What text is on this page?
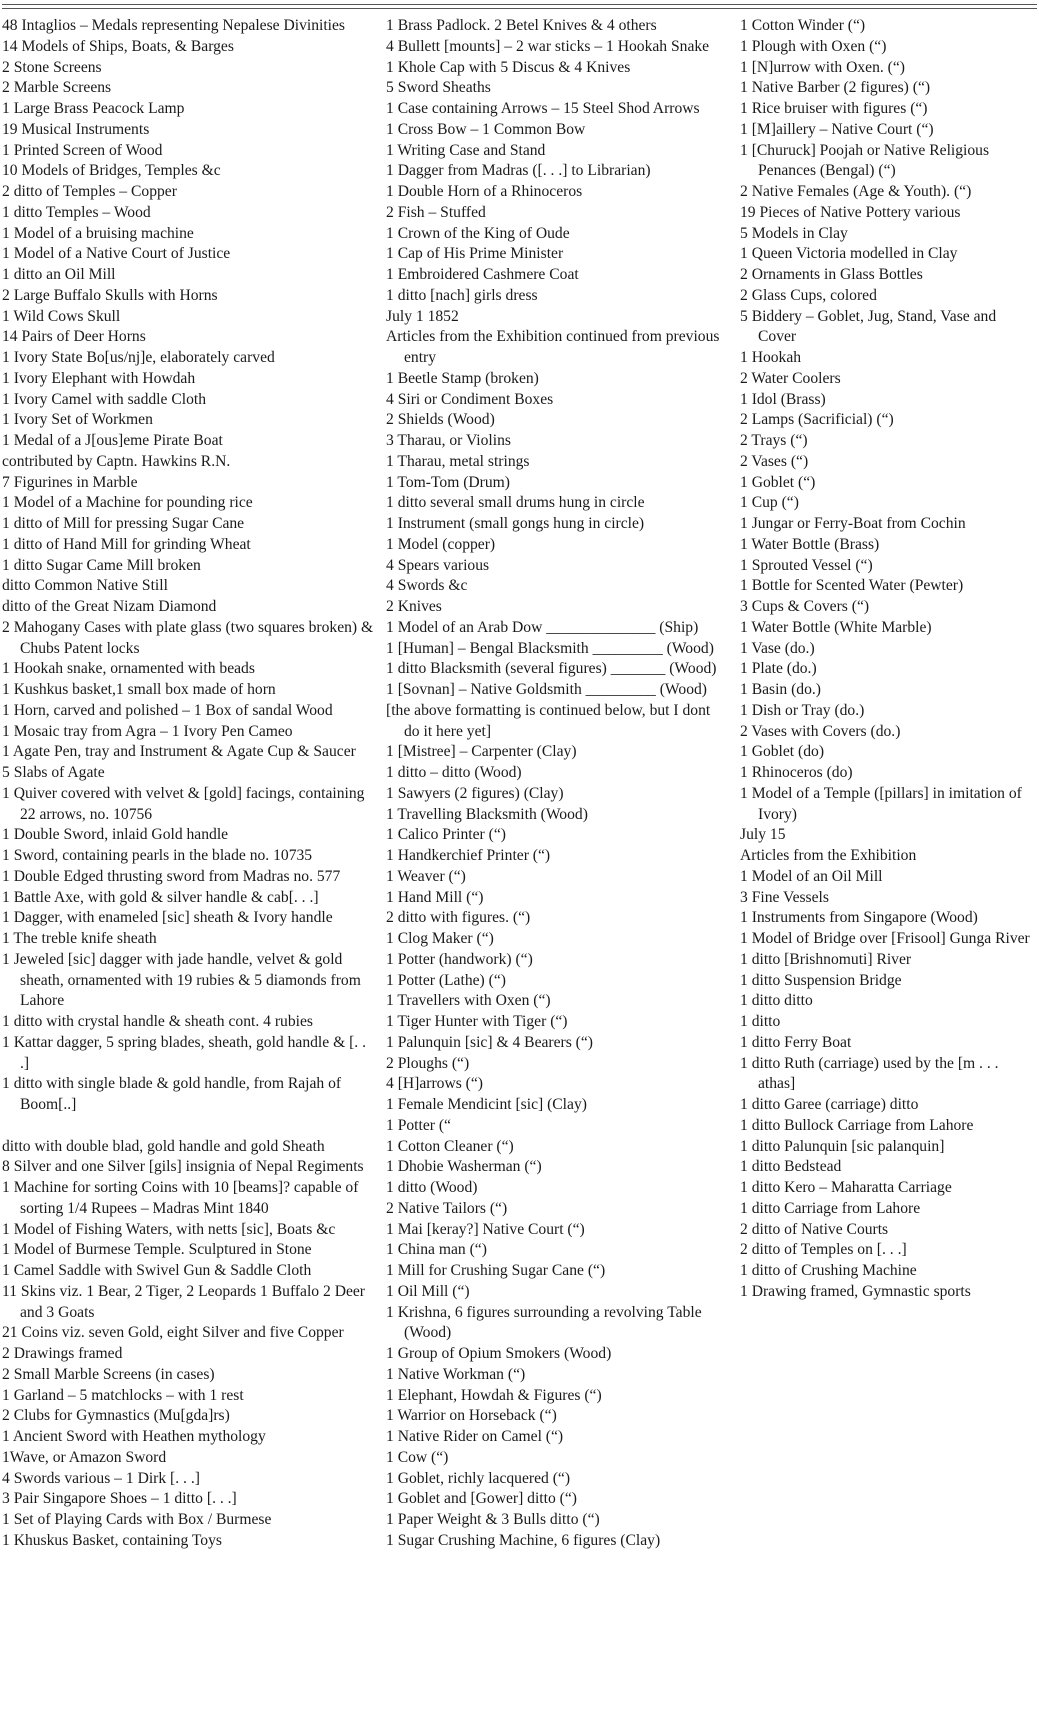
48 Intaglios – Medals representing Nepalese Divinities

14 Models of Ships, Boats, & Barges

2 Stone Screens

2 Marble Screens

1 Large Brass Peacock Lamp

19 Musical Instruments

1 Printed Screen of Wood

10 Models of Bridges, Temples &c

2 ditto of Temples – Copper

1 ditto Temples – Wood

1 Model of a bruising machine

1 Model of a Native Court of Justice

1 ditto an Oil Mill

2 Large Buffalo Skulls with Horns

1 Wild Cows Skull

14 Pairs of Deer Horns

1 Ivory State Bo[us/nj]e, elaborately carved

1 Ivory Elephant with Howdah

1 Ivory Camel with saddle Cloth

1 Ivory Set of Workmen

1 Medal of a J[ous]eme Pirate Boat

contributed by Captn. Hawkins R.N.

7 Figurines in Marble

1 Model of a Machine for pounding rice

1 ditto of Mill for pressing Sugar Cane

1 ditto of Hand Mill for grinding Wheat

1 ditto Sugar Came Mill broken

ditto Common Native Still

ditto of the Great Nizam Diamond

2 Mahogany Cases with plate glass (two squares broken) & Chubs Patent locks

1 Hookah snake, ornamented with beads

1 Kushkus basket,1 small box made of horn

1 Horn, carved and polished – 1 Box of sandal Wood

1 Mosaic tray from Agra – 1 Ivory Pen Cameo

1 Agate Pen, tray and Instrument & Agate Cup & Saucer

5 Slabs of Agate

1 Quiver covered with velvet & [gold] facings, containing 22 arrows, no. 10756

1 Double Sword, inlaid Gold handle

1 Sword, containing pearls in the blade no. 10735

1 Double Edged thrusting sword from Madras no. 577

1 Battle Axe, with gold & silver handle & cab[. . .]

1 Dagger, with enameled [sic] sheath & Ivory handle

1 The treble knife sheath

1 Jeweled [sic] dagger with jade handle, velvet & gold sheath, ornamented with 19 rubies & 5 diamonds from Lahore

1 ditto with crystal handle & sheath cont. 4 rubies

1 Kattar dagger, 5 spring blades, sheath, gold handle & [. . .]

1 ditto with single blade & gold handle, from Rajah of Boom[..]

ditto with double blad, gold handle and gold Sheath

8 Silver and one Silver [gils] insignia of Nepal Regiments

1 Machine for sorting Coins with 10 [beams]? capable of sorting 1/4 Rupees – Madras Mint 1840

1 Model of Fishing Waters, with netts [sic], Boats &c

1 Model of Burmese Temple. Sculptured in Stone

1 Camel Saddle with Swivel Gun & Saddle Cloth

11 Skins viz. 1 Bear, 2 Tiger, 2 Leopards 1 Buffalo 2 Deer and 3 Goats

21 Coins viz. seven Gold, eight Silver and five Copper

2 Drawings framed

2 Small Marble Screens (in cases)

1 Garland – 5 matchlocks – with 1 rest

2 Clubs for Gymnastics (Mu[gda]rs)

1 Ancient Sword with Heathen mythology

1Wave, or Amazon Sword

4 Swords various – 1 Dirk [. . .]

3 Pair Singapore Shoes – 1 ditto [. . .]

1 Set of Playing Cards with Box / Burmese

1 Khuskus Basket, containing Toys

1 Brass Padlock. 2 Betel Knives & 4 others

4 Bullett [mounts] – 2 war sticks – 1 Hookah Snake

1 Khole Cap with 5 Discus & 4 Knives

5 Sword Sheaths

1 Case containing Arrows – 15 Steel Shod Arrows

1 Cross Bow – 1 Common Bow

1 Writing Case and Stand

1 Dagger from Madras ([. . .] to Librarian)

1 Double Horn of a Rhinoceros

2 Fish – Stuffed

1 Crown of the King of Oude

1 Cap of His Prime Minister

1 Embroidered Cashmere Coat

1 ditto [nach] girls dress

July 1 1852

Articles from the Exhibition continued from previous entry

1 Beetle Stamp (broken)

4 Siri or Condiment Boxes

2 Shields (Wood)

3 Tharau, or Violins

1 Tharau, metal strings

1 Tom-Tom (Drum)

1 ditto several small drums hung in circle

1 Instrument (small gongs hung in circle)

1 Model (copper)

4 Spears various

4 Swords &c

2 Knives

1 Model of an Arab Dow ______________ (Ship)

1 [Human] – Bengal Blacksmith _________ (Wood)

1 ditto Blacksmith (several figures) _______ (Wood)

1 [Sovnan] – Native Goldsmith _________ (Wood)

[the above formatting is continued below, but I dont do it here yet]

1 [Mistree] – Carpenter (Clay)

1 ditto – ditto (Wood)

1 Sawyers (2 figures) (Clay)

1 Travelling Blacksmith (Wood)

1 Calico Printer (“)

1 Handkerchief Printer (“)

1 Weaver (“)

1 Hand Mill (“)

2 ditto with figures. (“)

1 Clog Maker (“)

1 Potter (handwork) (“)

1 Potter (Lathe) (“)

1 Travellers with Oxen (“)

1 Tiger Hunter with Tiger (“)

1 Palunquin [sic] & 4 Bearers (“)

2 Ploughs (“)

4 [H]arrows (“)

1 Female Mendicint [sic] (Clay)

1 Potter (“

1 Cotton Cleaner (“)

1 Dhobie Washerman (“)

1 ditto (Wood)

2 Native Tailors (“)

1 Mai [keray?] Native Court (“)

1 China man (“)

1 Mill for Crushing Sugar Cane (“)

1 Oil Mill (“)

1 Krishna, 6 figures surrounding a revolving Table (Wood)

1 Group of Opium Smokers (Wood)

1 Native Workman (“)

1 Elephant, Howdah & Figures (“)

1 Warrior on Horseback (“)

1 Native Rider on Camel (“)

1 Cow (“)

1 Goblet, richly lacquered (“)

1 Goblet and [Gower] ditto (“)

1 Paper Weight & 3 Bulls ditto (“)

1 Sugar Crushing Machine, 6 figures (Clay)

1 Cotton Winder (“)

1 Plough with Oxen (“)

1 [N]urrow with Oxen. (“)

1 Native Barber (2 figures) (“)

1 Rice bruiser with figures (“)

1 [M]aillery – Native Court (“)

1 [Churuck] Poojah or Native Religious Penances (Bengal) (“)

2 Native Females (Age & Youth). (“)

19 Pieces of Native Pottery various

5 Models in Clay

1 Queen Victoria modelled in Clay

2 Ornaments in Glass Bottles

2 Glass Cups, colored

5 Biddery – Goblet, Jug, Stand, Vase and Cover

1 Hookah

2 Water Coolers

1 Idol (Brass)

2 Lamps (Sacrificial) (“)

2 Trays (“)

2 Vases (“)

1 Goblet (“)

1 Cup (“)

1 Jungar or Ferry-Boat from Cochin

1 Water Bottle (Brass)

1 Sprouted Vessel (“)

1 Bottle for Scented Water (Pewter)

3 Cups & Covers (“)

1 Water Bottle (White Marble)

1 Vase (do.)

1 Plate (do.)

1 Basin (do.)

1 Dish or Tray (do.)

2 Vases with Covers (do.)

1 Goblet (do)

1 Rhinoceros (do)

1 Model of a Temple ([pillars] in imitation of Ivory)

July 15

Articles from the Exhibition

1 Model of an Oil Mill

3 Fine Vessels

1 Instruments from Singapore (Wood)

1 Model of Bridge over [Frisool] Gunga River

1 ditto [Brishnomuti] River

1 ditto Suspension Bridge

1 ditto ditto

1 ditto

1 ditto Ferry Boat

1 ditto Ruth (carriage) used by the [m . . . athas]

1 ditto Garee (carriage) ditto

1 ditto Bullock Carriage from Lahore

1 ditto Palunquin [sic palanquin]

1 ditto Bedstead

1 ditto Kero – Maharatta Carriage

1 ditto Carriage from Lahore

2 ditto of Native Courts

2 ditto of Temples on [. . .]

1 ditto of Crushing Machine

1 Drawing framed, Gymnastic sports
